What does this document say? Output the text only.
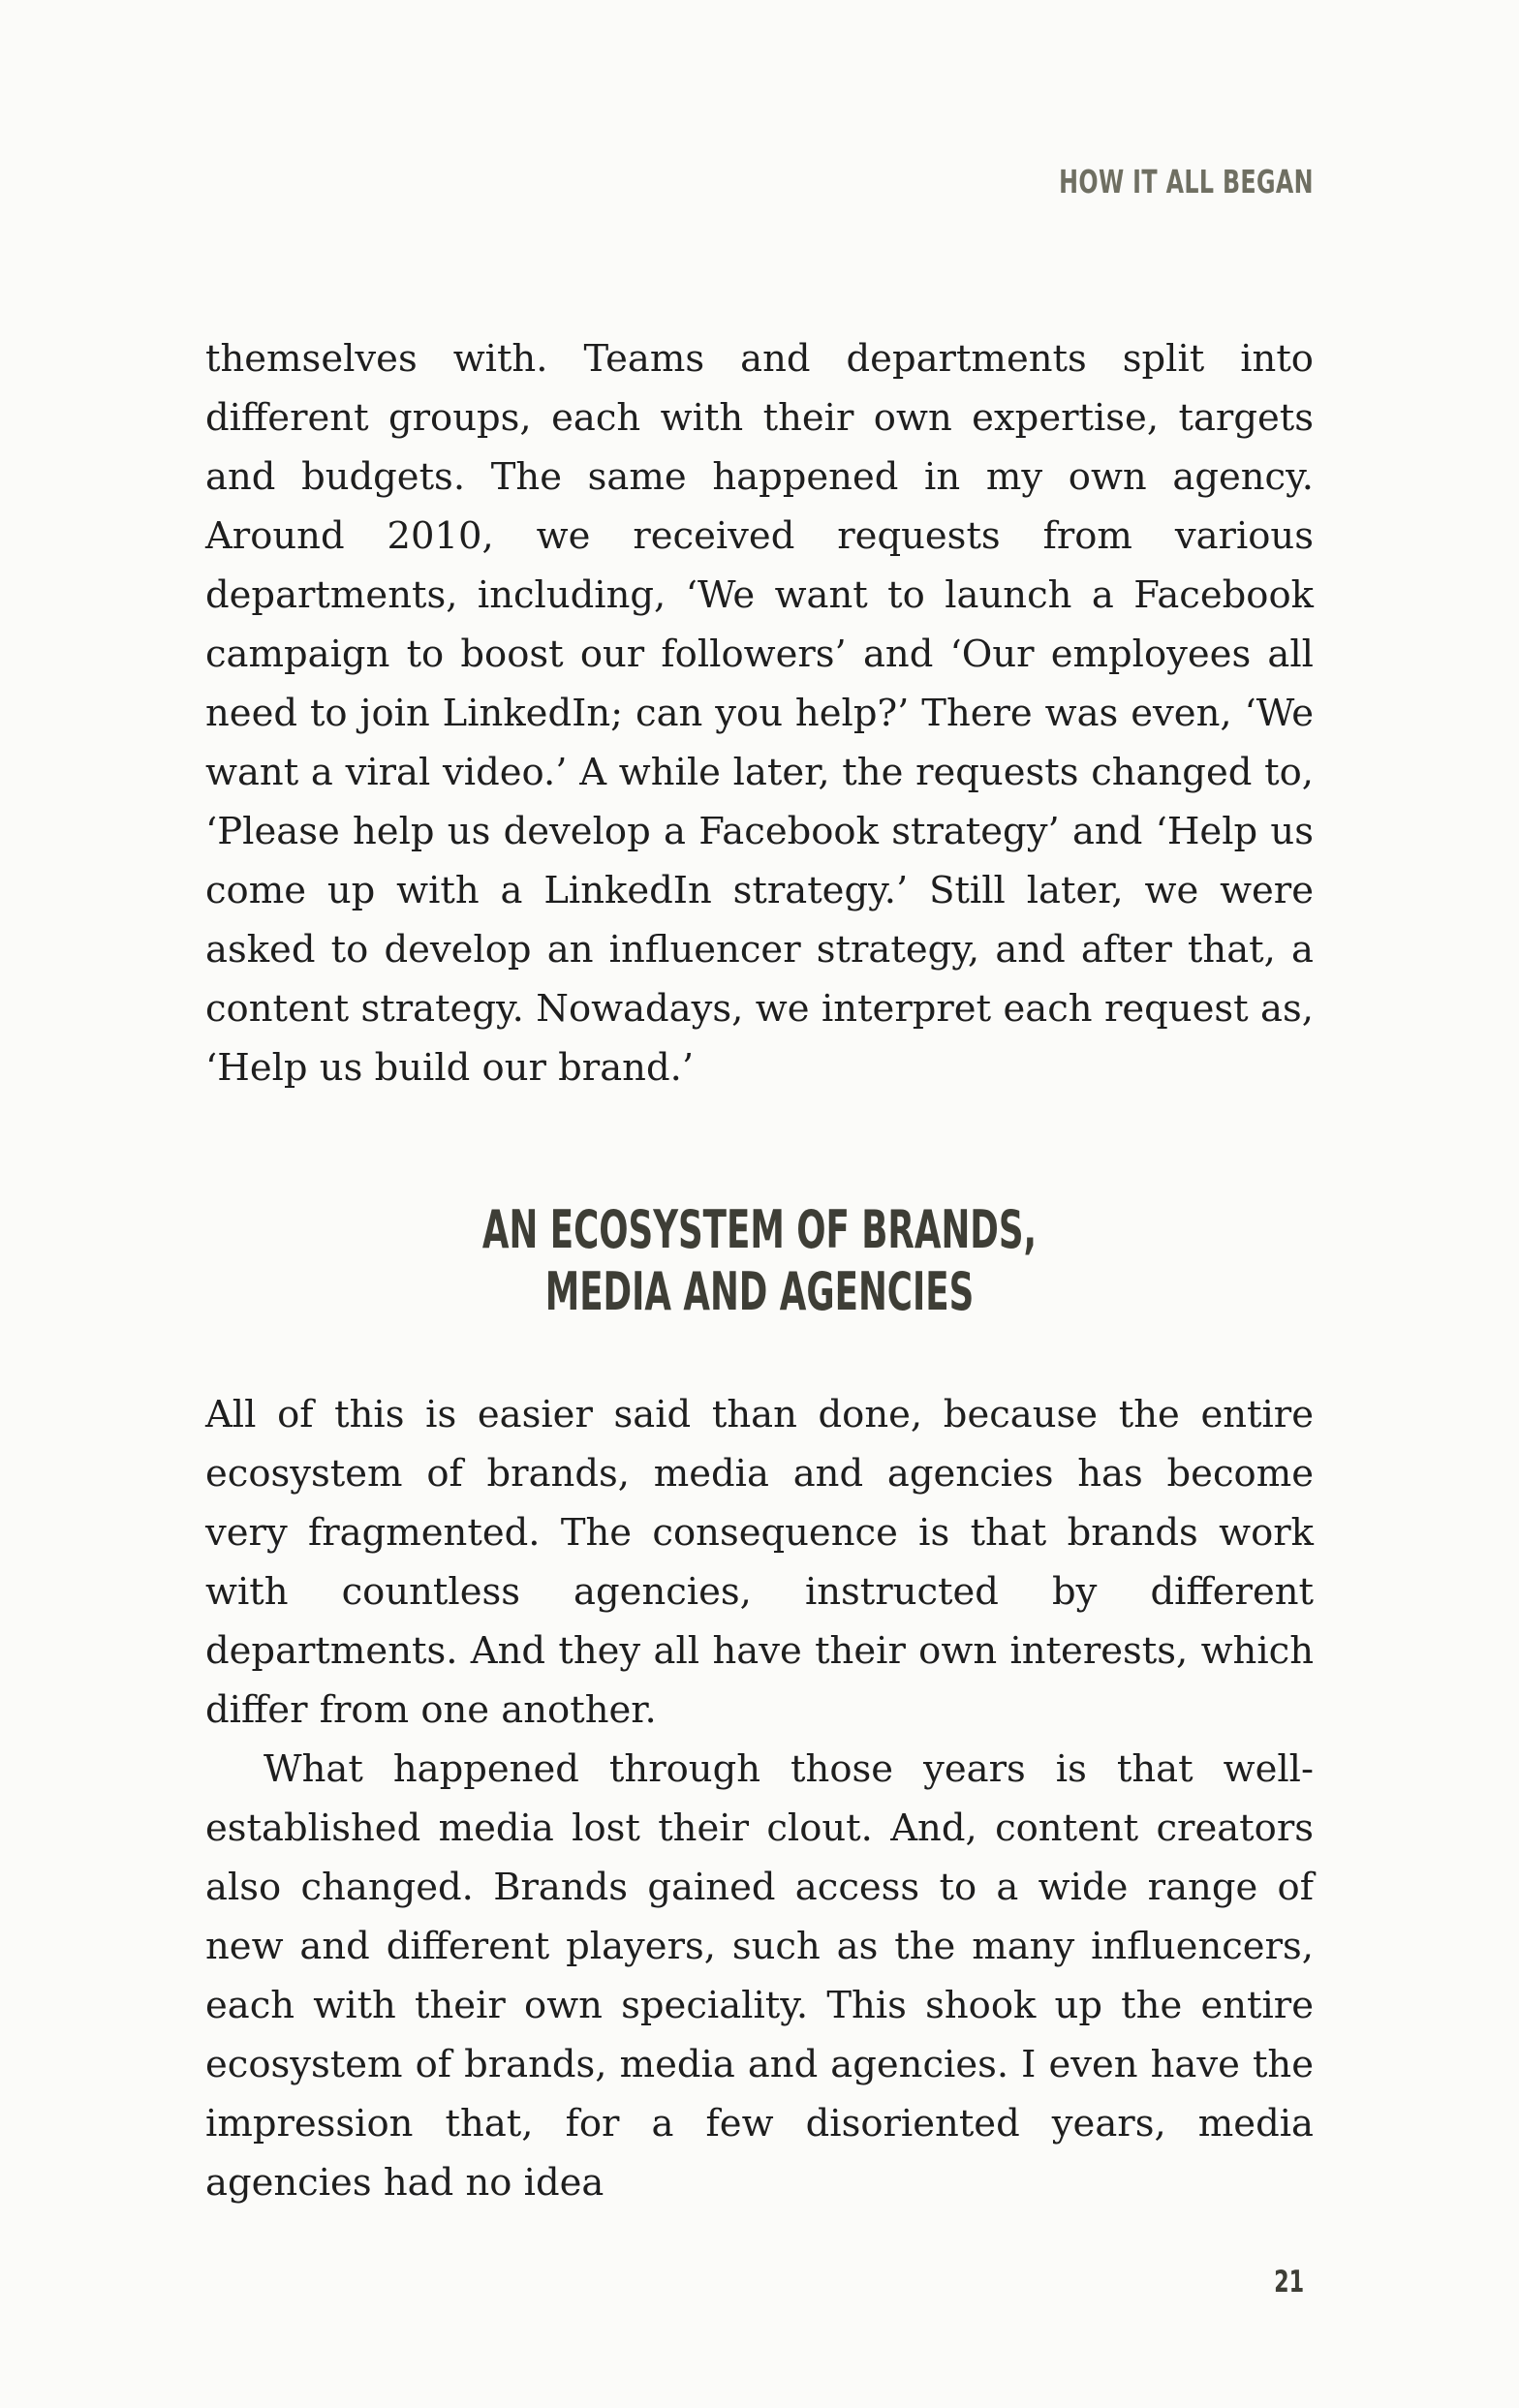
HOW IT ALL BEGAN

themselves with. Teams and departments split into different groups, each with their own expertise, targets and budgets. The same happened in my own agency. Around 2010, we received requests from various departments, including, ‘We want to launch a Facebook campaign to boost our followers’ and ‘Our employees all need to join LinkedIn; can you help?’ There was even, ‘We want a viral video.’ A while later, the requests changed to, ‘Please help us develop a Facebook strategy’ and ‘Help us come up with a LinkedIn strategy.’ Still later, we were asked to develop an influencer strategy, and after that, a content strategy. Nowadays, we interpret each request as, ‘Help us build our brand.’

AN ECOSYSTEM OF BRANDS,
MEDIA AND AGENCIES

All of this is easier said than done, because the entire ecosystem of brands, media and agencies has become very fragmented. The consequence is that brands work with countless agencies, instructed by different departments. And they all have their own interests, which differ from one another.

What happened through those years is that well-established media lost their clout. And, content creators also changed. Brands gained access to a wide range of new and different players, such as the many influencers, each with their own speciality. This shook up the entire ecosystem of brands, media and agencies. I even have the impression that, for a few disoriented years, media agencies had no idea

21
